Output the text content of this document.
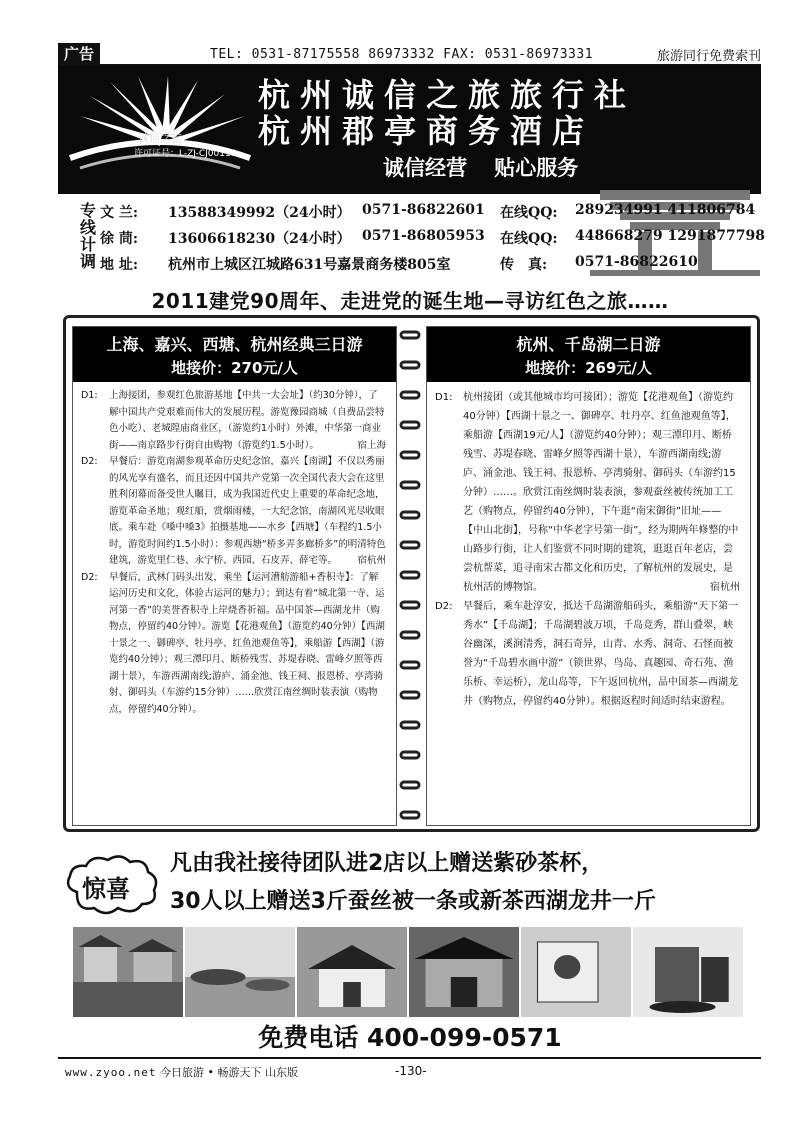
广告	TEL: 0531-87175558 86973332 FAX: 0531-86973331	旅游同行免费索刊
诚信之旅
许可证号：L-ZJ-CJ00116
杭州诚信之旅旅行社
杭州郡亭商务酒店
诚信经营 贴心服务
专线计调
文 兰: 13588349992（24小时） 0571-86822601 在线QQ: 289234991 411806784
徐 茼: 13606618230（24小时） 0571-86805953 在线QQ: 448668279 1291877798
地 址: 杭州市上城区江城路631号嘉景商务楼805室	传　真: 0571-86822610
2011建党90周年、走进党的诞生地—寻访红色之旅……
上海、嘉兴、西塘、杭州经典三日游
地接价：270元/人
D1: 上海接团，参观红色旅游基地【中共一大会址】（约30分钟），了解中国共产党艰难而伟大的发展历程。游览豫园商城（自费品尝特色小吃）、老城隍庙商业区，（游览约1小时）外滩，中华第一商业街——南京路步行街自由购物（游览约1.5小时）。	宿上海
D2: 早餐后：游览南湖参观革命历史纪念馆，嘉兴【南湖】不仅以秀丽的风光享有盛名，而且还因中国共产党第一次全国代表大会在这里胜利闭幕而备受世人瞩目，成为我国近代史上重要的革命纪念地，游览革命圣地；观红船，赏烟雨楼，一大纪念馆，南湖风光尽收眼底。乘车赴《嗓中嗓3》拍摄基地——水乡【西塘】（车程约1.5小时，游览时间约1.5小时）：参观西塘“桥多弄多廊桥多”的明清特色建筑，游览里仁巷、永宁桥、西园、石皮弄、薛宅等。 宿杭州
D2: 早餐后，武林门码头出发，乘坐【运河漕舫游船+香积寺】：了解运河历史和文化，体验古运河的魅力）；到达有着“城北第一寺、运河第一香”的美誉香积寺上岸烧香祈福。品中国茶—西湖龙井（购物点，停留约40分钟）。游览【花港观鱼】（游览约40分钟）【西湖十景之一、御碑亭、牡丹亭、红鱼池观鱼等】，乘船游【西湖】（游览约40分钟）；观三潭印月、断桥残雪、苏堤春晓、雷峰夕照等西湖十景），车游西湖南线;游庐、涌金池、钱王祠、报恩桥、亭湾骑射、御码头（车游约15分钟）……欣赏江南丝绸时装表演（购物点，停留约40分钟）。
杭州、千岛湖二日游
地接价：269元/人
D1: 杭州接团（或其他城市均可接团）；游览【花港观鱼】（游览约40分钟）【西湖十景之一、御碑亭、牡丹亭、红鱼池观鱼等】，乘船游【西湖19元/人】（游览约40分钟）；观三潭印月、断桥残雪、苏堤春晓、雷峰夕照等西湖十景），车游西湖南线;游庐、涌金池、钱王祠、报恩桥、亭湾骑射、御码头（车游约15分钟）……。欣赏江南丝绸时装表演，参观蚕丝被传统加工工艺（购物点，停留约40分钟），下午逛“南宋御街”旧址——【中山北街】，号称“中华老字号第一街”，经为期两年修整的中山路步行街，让人们鉴赏不同时期的建筑，逛逛百年老店，尝尝杭帮菜，追寻南宋古都文化和历史，了解杭州的发展史，是杭州活的博物馆。	宿杭州
D2: 早餐后，乘车赴淳安，抵达千岛湖游船码头，乘船游“天下第一秀水”【千岛湖】；千岛湖碧波万顷，千岛竞秀，群山叠翠，峡谷幽深，溪涧清秀，洞石奇异，山青、水秀、洞奇、石怪而被誉为“千岛碧水画中游”（锁世界、鸟岛、真趣园、奇石苑、渔乐桥、幸运桥），龙山岛等，下午返回杭州，品中国茶—西湖龙井（购物点，停留约40分钟）。根据返程时间适时结束游程。
惊喜
凡由我社接待团队进2店以上赠送紫砂茶杯，
30人以上赠送3斤蚕丝被一条或新茶西湖龙井一斤
免费电话 400-099-0571
www.zyoo.net 今日旅游 • 畅游天下 山东版	-130-
